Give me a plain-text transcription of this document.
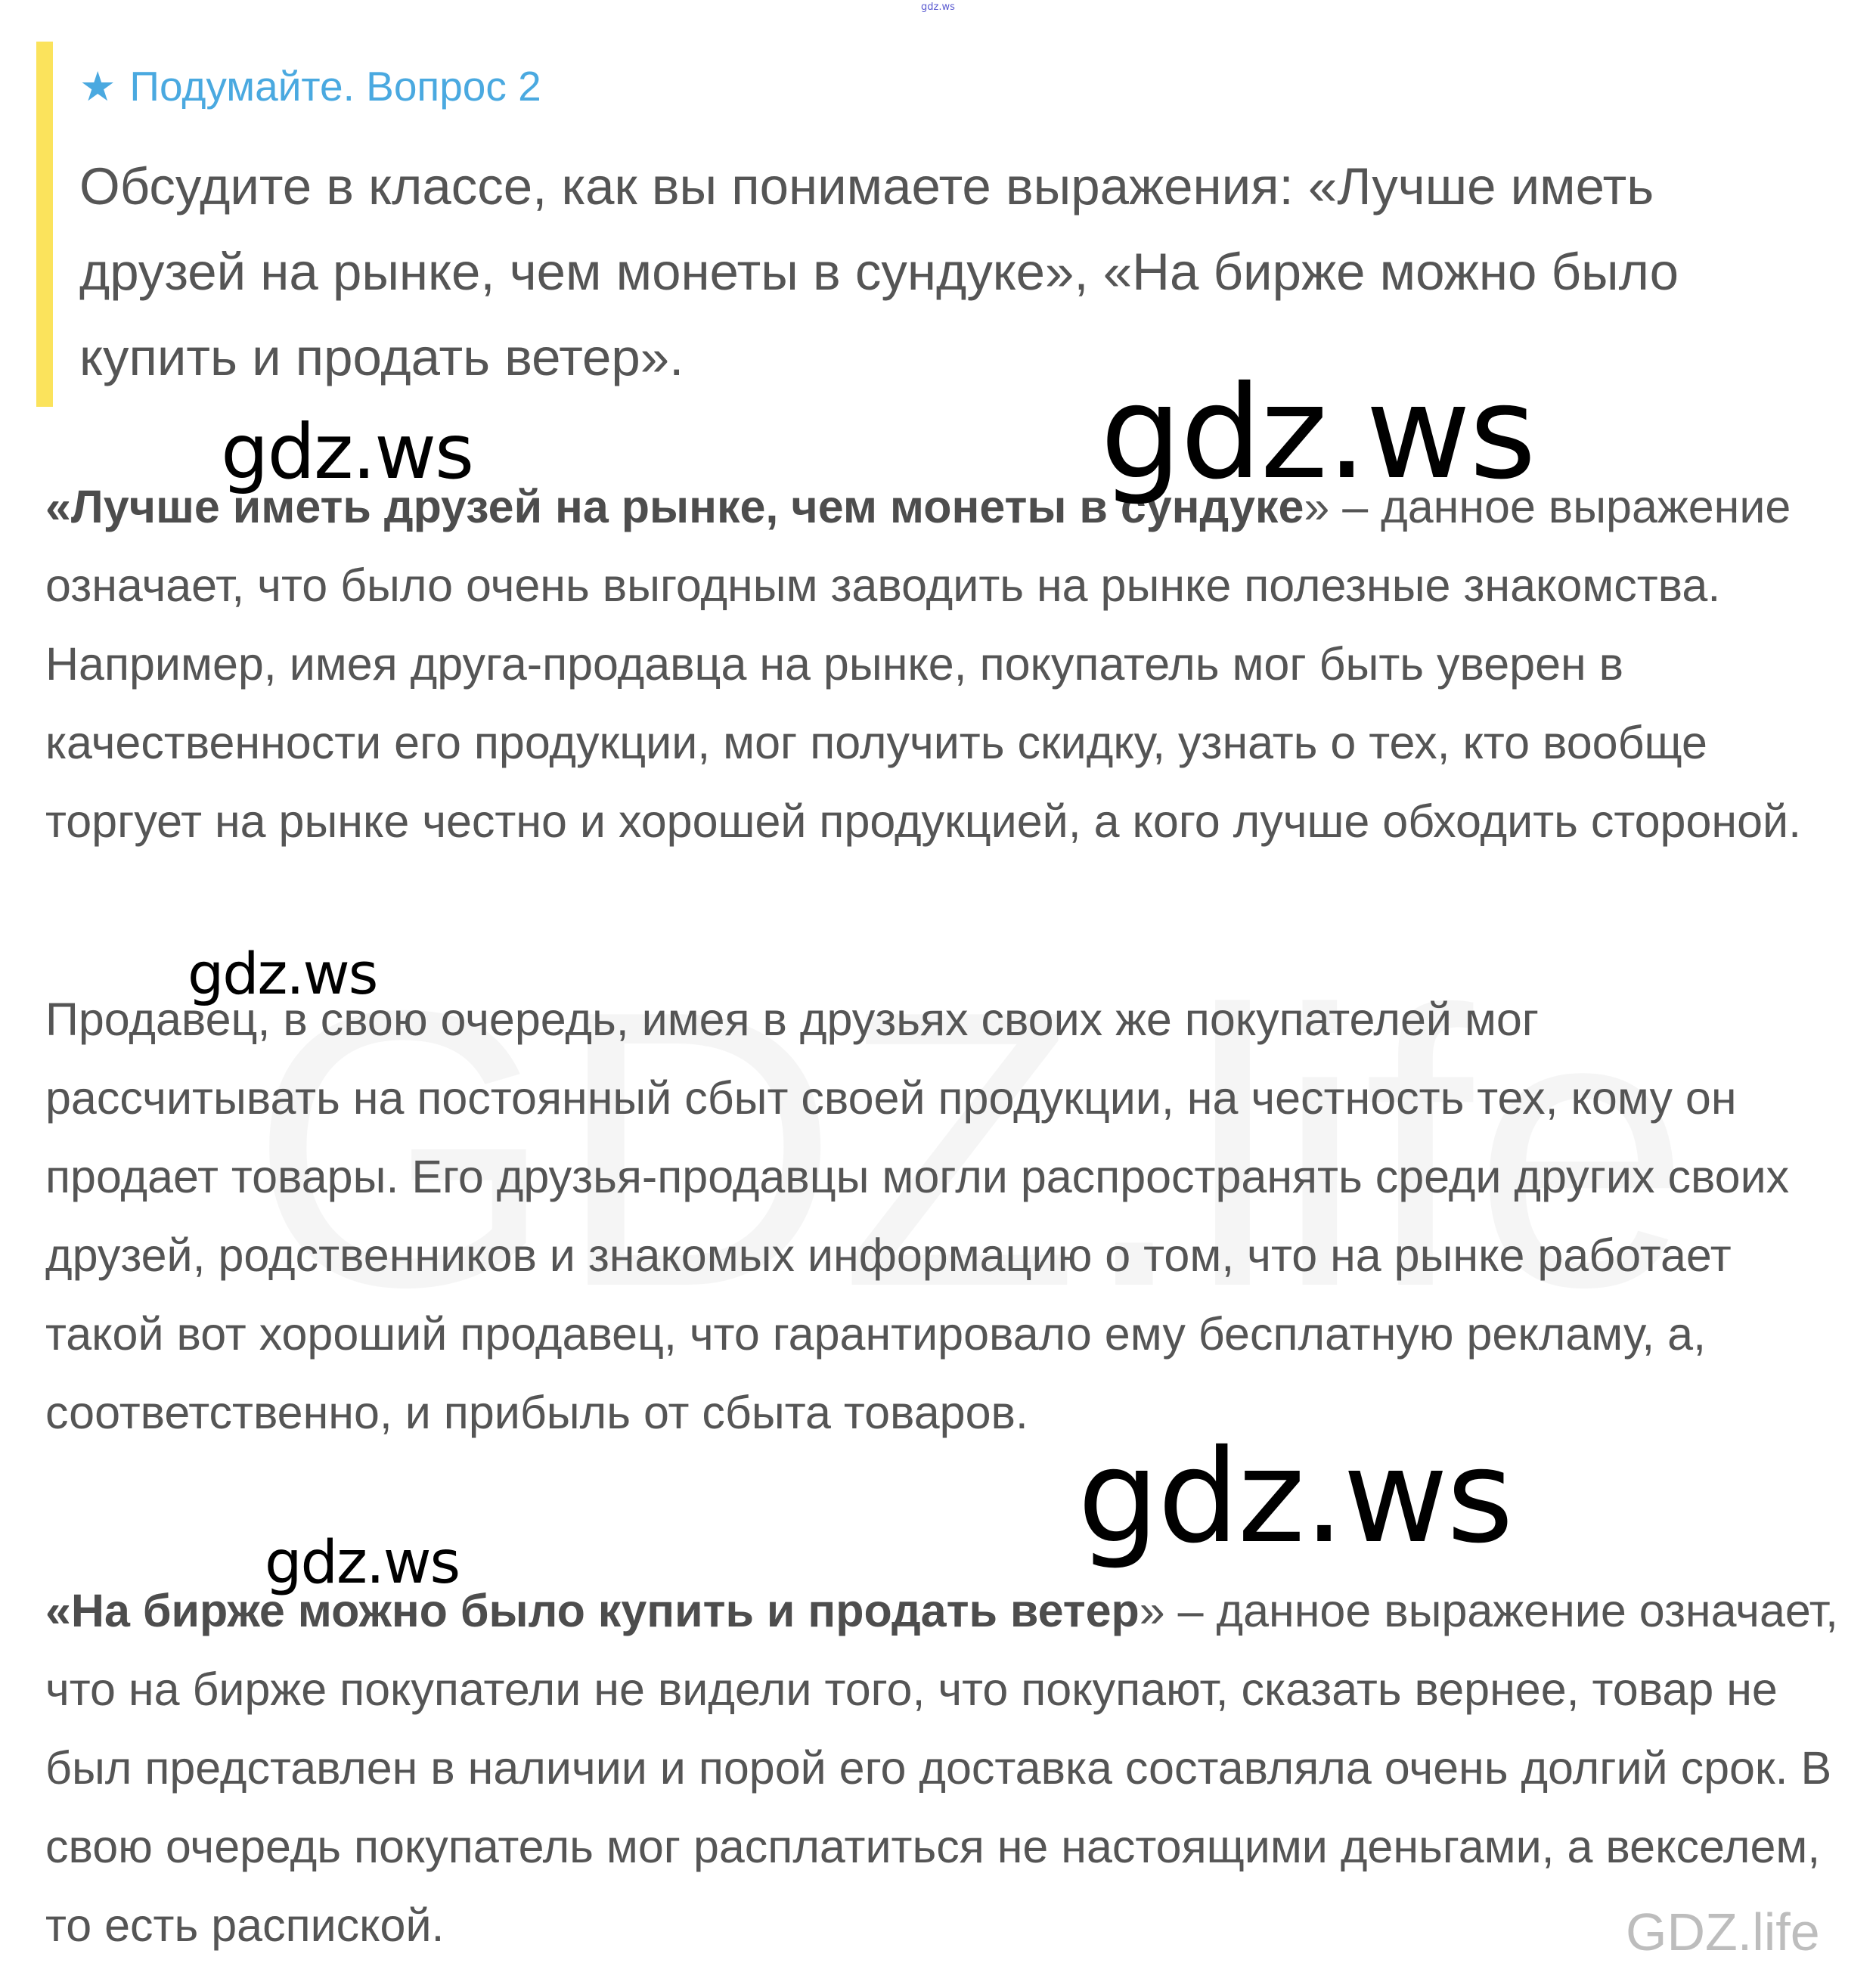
gdz.ws
★ Подумайте. Вопрос 2

Обсудите в классе, как вы понимаете выражения: «Лучше иметь друзей на рынке, чем монеты в сундуке», «На бирже можно было купить и продать ветер».

«Лучше иметь друзей на рынке, чем монеты в сундуке» – данное выражение означает, что было очень выгодным заводить на рынке полезные знакомства. Например, имея друга-продавца на рынке, покупатель мог быть уверен в качественности его продукции, мог получить скидку, узнать о тех, кто вообще торгует на рынке честно и хорошей продукцией, а кого лучше обходить стороной.

Продавец, в свою очередь, имея в друзьях своих же покупателей мог рассчитывать на постоянный сбыт своей продукции, на честность тех, кому он продает товары. Его друзья-продавцы могли распространять среди других своих друзей, родственников и знакомых информацию о том, что на рынке работает такой вот хороший продавец, что гарантировало ему бесплатную рекламу, а, соответственно, и прибыль от сбыта товаров.

«На бирже можно было купить и продать ветер» – данное выражение означает, что на бирже покупатели не видели того, что покупают, сказать вернее, товар не был представлен в наличии и порой его доставка составляла очень долгий срок. В свою очередь покупатель мог расплатиться не настоящими деньгами, а векселем, то есть распиской.

gdz.ws	gdz.ws
gdz.ws
gdz.ws
gdz.ws
GDZ.life
